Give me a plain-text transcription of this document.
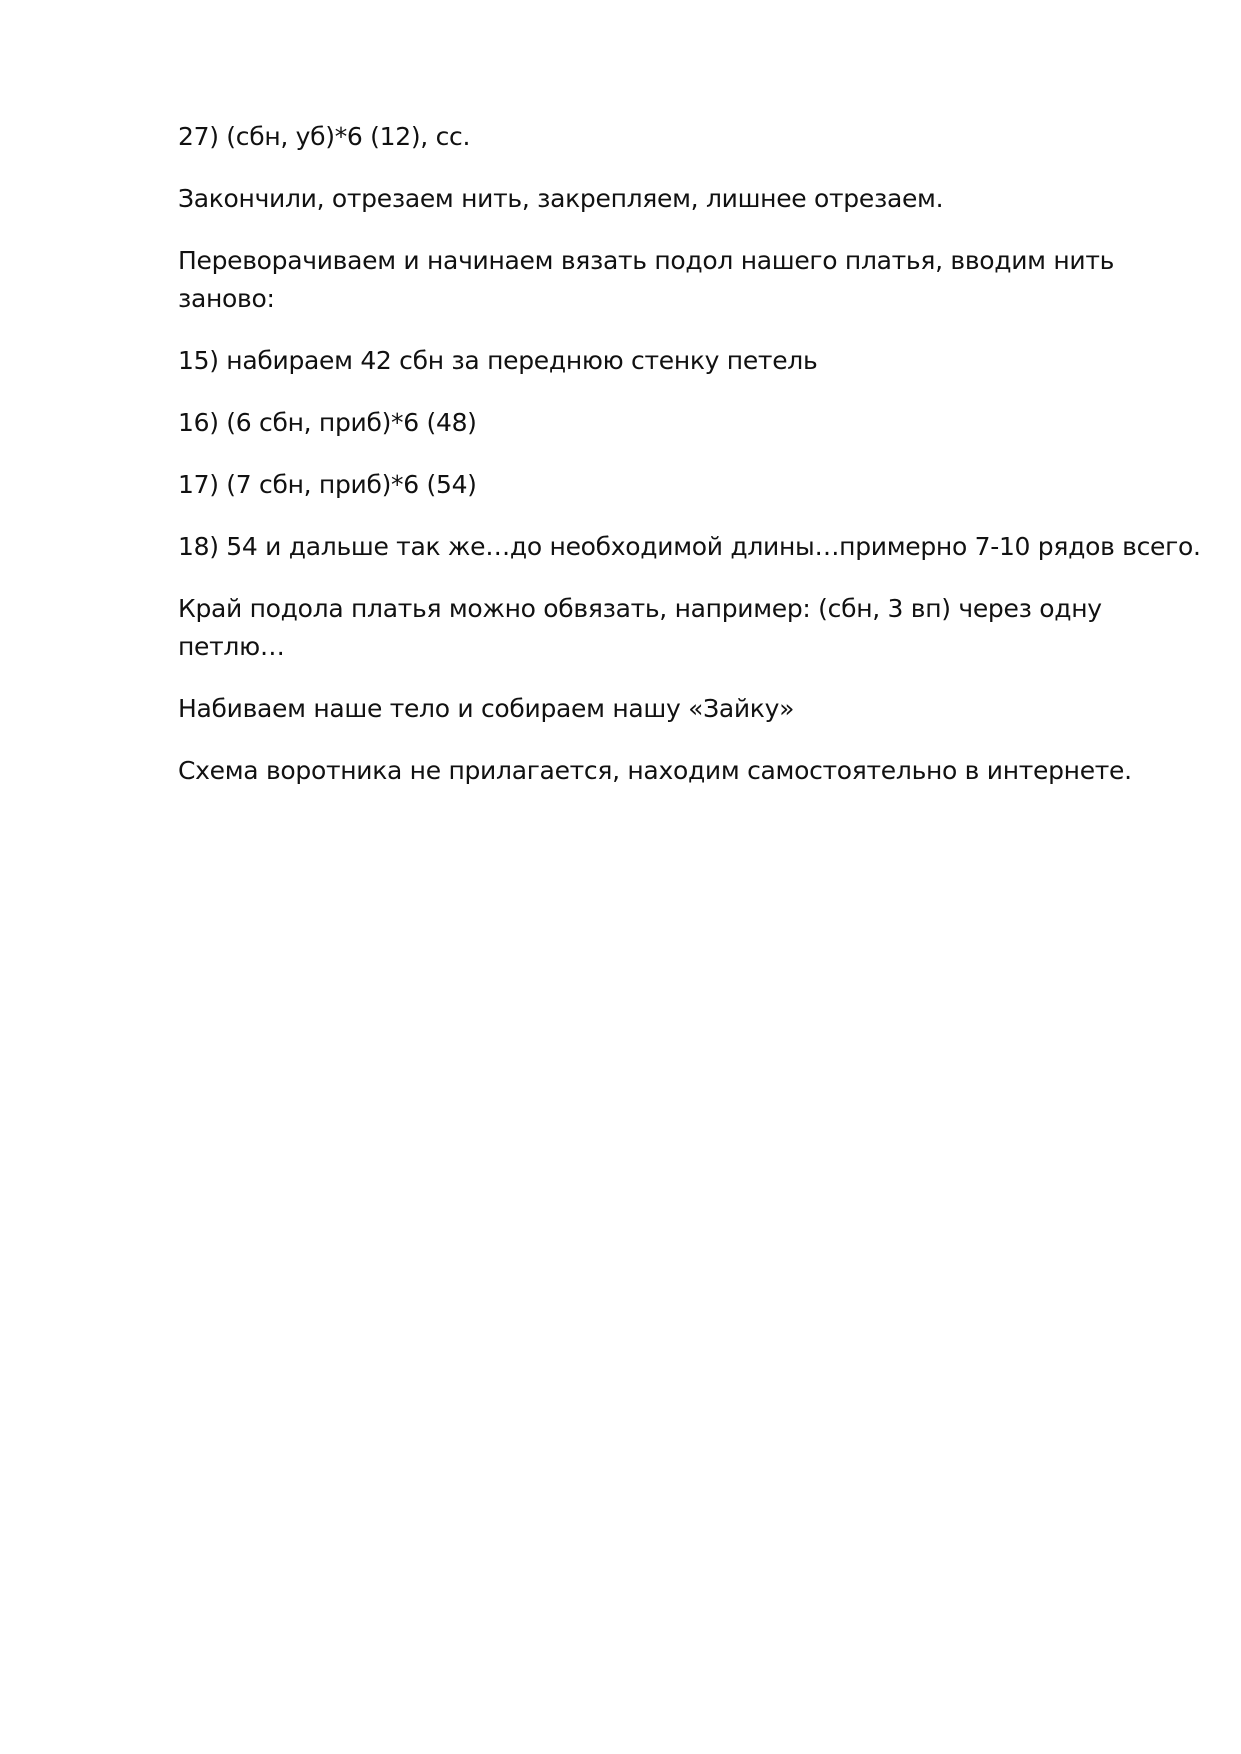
27) (сбн, уб)*6 (12), сс.

Закончили, отрезаем нить, закрепляем, лишнее отрезаем.

Переворачиваем и начинаем вязать подол нашего платья, вводим нить
заново:

15) набираем 42 сбн за переднюю стенку петель

16) (6 сбн, приб)*6 (48)

17) (7 сбн, приб)*6 (54)

18) 54 и дальше так же…до необходимой длины…примерно 7-10 рядов всего.

Край подола платья можно обвязать, например: (сбн, 3 вп) через одну
петлю…

Набиваем наше тело и собираем нашу «Зайку»

Схема воротника не прилагается, находим самостоятельно в интернете.
